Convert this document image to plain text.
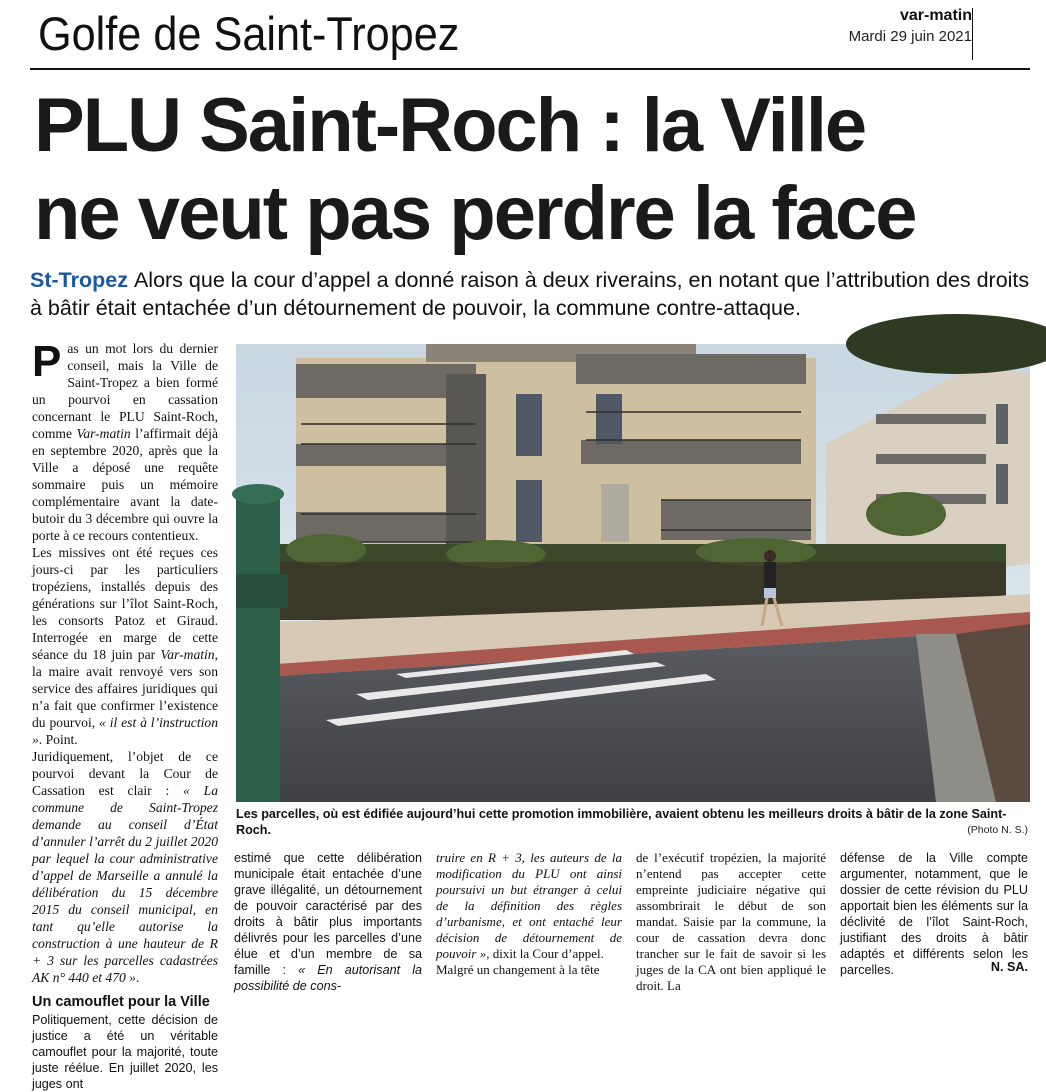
Golfe de Saint-Tropez	var-matin
Mardi 29 juin 2021
PLU Saint-Roch : la Ville
ne veut pas perdre la face
St-Tropez Alors que la cour d’appel a donné raison à deux riverains, en notant que l’attribution des droits à bâtir était entachée d’un détournement de pouvoir, la commune contre-attaque.

Pas un mot lors du dernier conseil, mais la Ville de Saint-Tropez a bien formé un pourvoi en cassation concernant le PLU Saint-Roch, comme Var-matin l’affirmait déjà en septembre 2020, après que la Ville a déposé une requête sommaire puis un mémoire complémentaire avant la date-butoir du 3 décembre qui ouvre la porte à ce recours contentieux.

Les missives ont été reçues ces jours-ci par les particuliers tropéziens, installés depuis des générations sur l’îlot Saint-Roch, les consorts Patoz et Giraud. Interrogée en marge de cette séance du 18 juin par Var-matin, la maire avait renvoyé vers son service des affaires juridiques qui n’a fait que confirmer l’existence du pourvoi, « il est à l’instruction ». Point.

Juridiquement, l’objet de ce pourvoi devant la Cour de Cassation est clair : « La commune de Saint-Tropez demande au conseil d’État d’annuler l’arrêt du 2 juillet 2020 par lequel la cour administrative d’appel de Marseille a annulé la délibération du 15 décembre 2015 du conseil municipal, en tant qu’elle autorise la construction à une hauteur de R + 3 sur les parcelles cadastrées AK n° 440 et 470 ».

Un camouflet pour la Ville

Politiquement, cette décision de justice a été un véritable camouflet pour la majorité, toute juste réélue. En juillet 2020, les juges ont

Les parcelles, où est édifiée aujourd’hui cette promotion immobilière, avaient obtenu les meilleurs droits à bâtir de la zone Saint-Roch.	(Photo N. S.)
estimé que cette délibération municipale était entachée d’une grave illégalité, un détournement de pouvoir caractérisé par des droits à bâtir plus importants délivrés pour les parcelles d’une élue et d’un membre de sa famille : « En autorisant la possibilité de cons-
truire en R + 3, les auteurs de la modification du PLU ont ainsi poursuivi un but étranger à celui de la définition des règles d’urbanisme, et ont entaché leur décision de détournement de pouvoir », dixit la Cour d’appel.
Malgré un changement à la tête
de l’exécutif tropézien, la majorité n’entend pas accepter cette empreinte judiciaire négative qui assombrirait le début de son mandat. Saisie par la commune, la cour de cassation devra donc trancher sur le fait de savoir si les juges de la CA ont bien appliqué le droit. La
défense de la Ville compte argumenter, notamment, que le dossier de cette révision du PLU apportait bien les éléments sur la déclivité de l’îlot Saint-Roch, justifiant des droits à bâtir adaptés et différents selon les parcelles.	N. SA.
